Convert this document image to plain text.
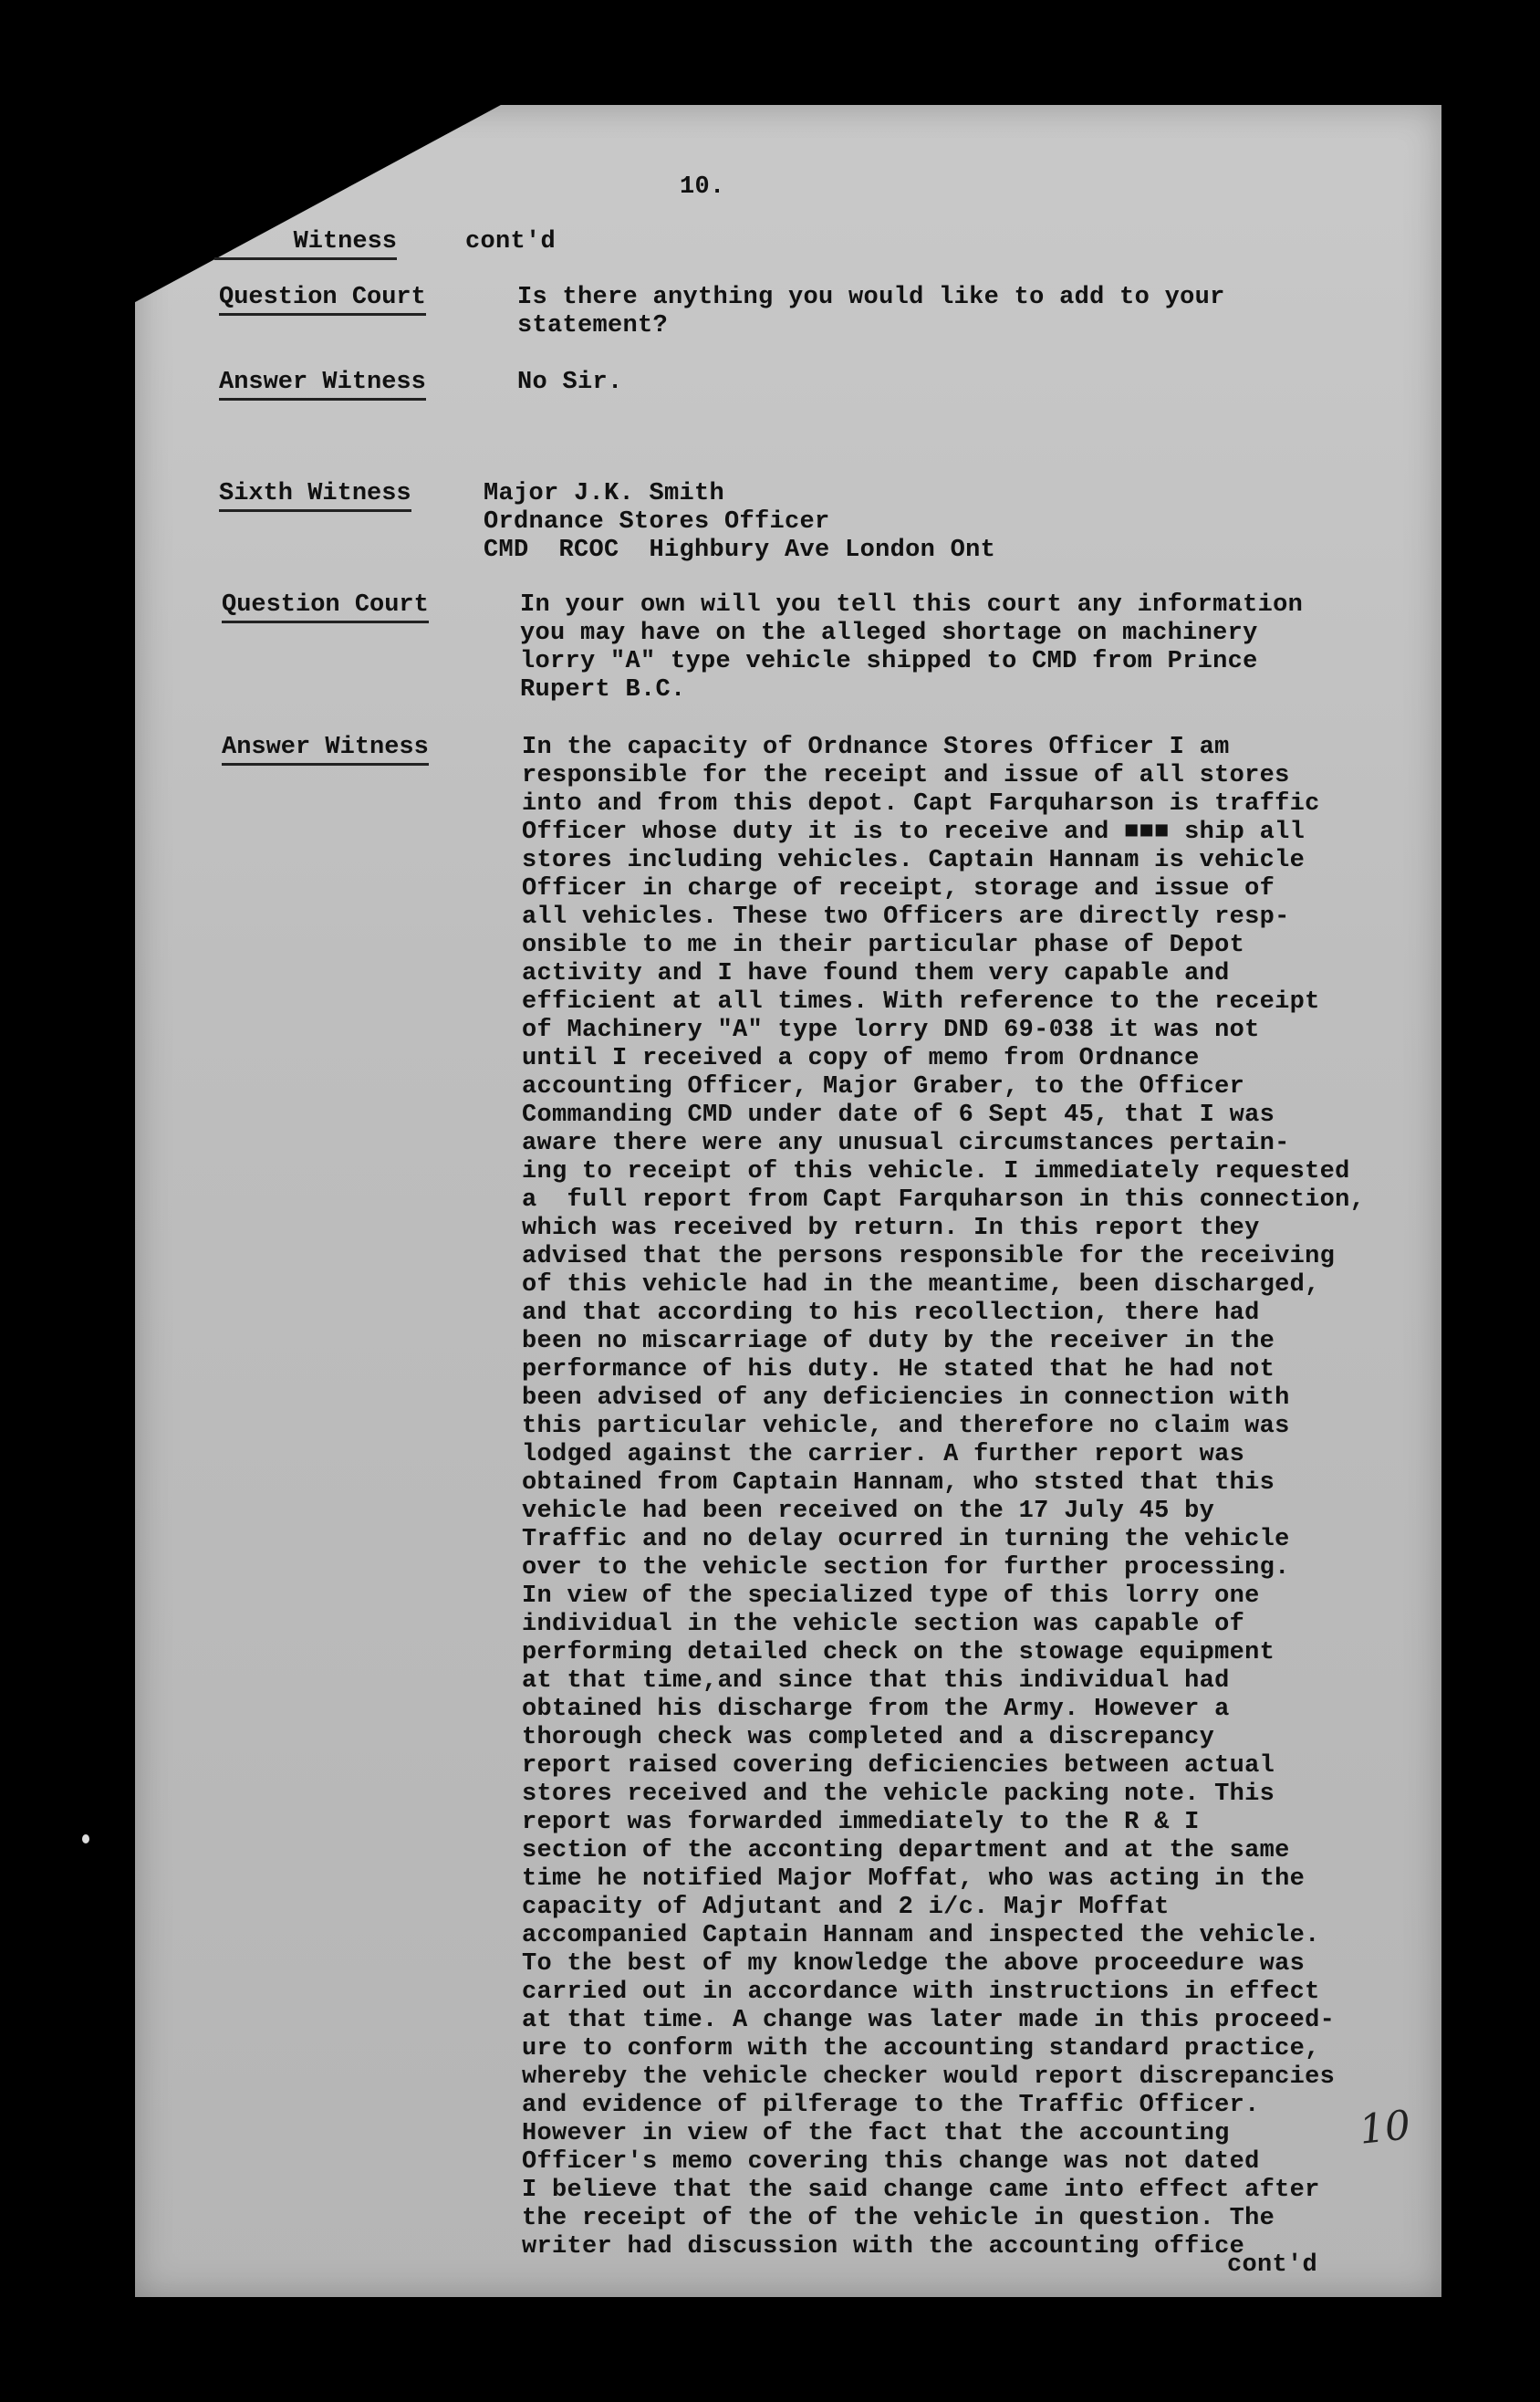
10.
Witness	cont'd
Question Court	Is there anything you would like to add to your
statement?
Answer Witness	No Sir.
Sixth Witness	Major J.K. Smith
Ordnance Stores Officer
CMD  RCOC  Highbury Ave London Ont
Question Court	In your own will you tell this court any information
you may have on the alleged shortage on machinery
lorry "A" type vehicle shipped to CMD from Prince
Rupert B.C.
Answer Witness	In the capacity of Ordnance Stores Officer I am
responsible for the receipt and issue of all stores
into and from this depot. Capt Farquharson is traffic
Officer whose duty it is to receive and ■■■ ship all
stores including vehicles. Captain Hannam is vehicle
Officer in charge of receipt, storage and issue of
all vehicles. These two Officers are directly resp-
onsible to me in their particular phase of Depot
activity and I have found them very capable and
efficient at all times. With reference to the receipt
of Machinery "A" type lorry DND 69-038 it was not
until I received a copy of memo from Ordnance
accounting Officer, Major Graber, to the Officer
Commanding CMD under date of 6 Sept 45, that I was
aware there were any unusual circumstances pertain-
ing to receipt of this vehicle. I immediately requested
a  full report from Capt Farquharson in this connection,
which was received by return. In this report they
advised that the persons responsible for the receiving
of this vehicle had in the meantime, been discharged,
and that according to his recollection, there had
been no miscarriage of duty by the receiver in the
performance of his duty. He stated that he had not
been advised of any deficiencies in connection with
this particular vehicle, and therefore no claim was
lodged against the carrier. A further report was
obtained from Captain Hannam, who ststed that this
vehicle had been received on the 17 July 45 by
Traffic and no delay ocurred in turning the vehicle
over to the vehicle section for further processing.
In view of the specialized type of this lorry one
individual in the vehicle section was capable of
performing detailed check on the stowage equipment
at that time,and since that this individual had
obtained his discharge from the Army. However a
thorough check was completed and a discrepancy
report raised covering deficiencies between actual
stores received and the vehicle packing note. This
report was forwarded immediately to the R & I
section of the acconting department and at the same
time he notified Major Moffat, who was acting in the
capacity of Adjutant and 2 i/c. Majr Moffat
accompanied Captain Hannam and inspected the vehicle.
To the best of my knowledge the above proceedure was
carried out in accordance with instructions in effect
at that time. A change was later made in this proceed-
ure to conform with the accounting standard practice,
whereby the vehicle checker would report discrepancies
and evidence of pilferage to the Traffic Officer.
However in view of the fact that the accounting
Officer's memo covering this change was not dated
I believe that the said change came into effect after
the receipt of the of the vehicle in question. The
writer had discussion with the accounting office
10
cont'd
